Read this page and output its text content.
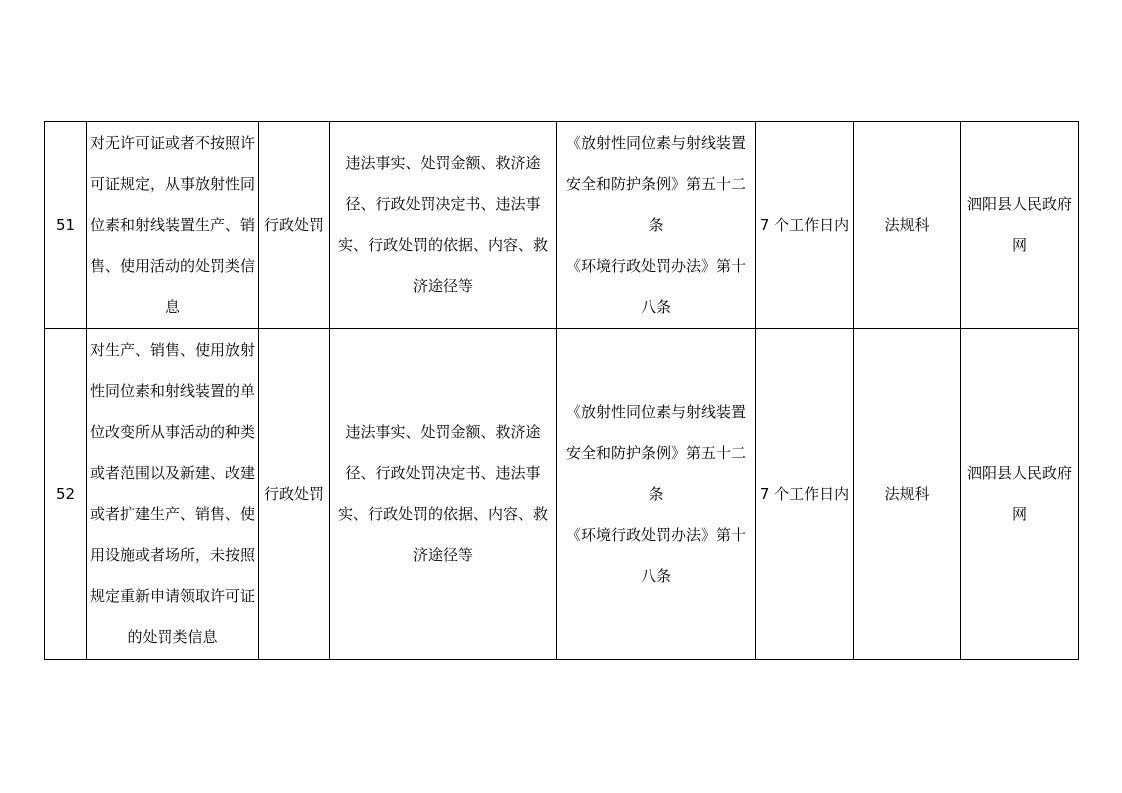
51	对无许可证或者不按照许可证规定，从事放射性同位素和射线装置生产、销售、使用活动的处罚类信息	行政处罚	违法事实、处罚金额、救济途径、行政处罚决定书、违法事实、行政处罚的依据、内容、救济途径等	《放射性同位素与射线装置安全和防护条例》第五十二条
《环境行政处罚办法》第十八条	7 个工作日内	法规科	泗阳县人民政府网

52	对生产、销售、使用放射性同位素和射线装置的单位改变所从事活动的种类或者范围以及新建、改建或者扩建生产、销售、使用设施或者场所，未按照规定重新申请领取许可证的处罚类信息	行政处罚	违法事实、处罚金额、救济途径、行政处罚决定书、违法事实、行政处罚的依据、内容、救济途径等	《放射性同位素与射线装置安全和防护条例》第五十二条
《环境行政处罚办法》第十八条	7 个工作日内	法规科	泗阳县人民政府网
